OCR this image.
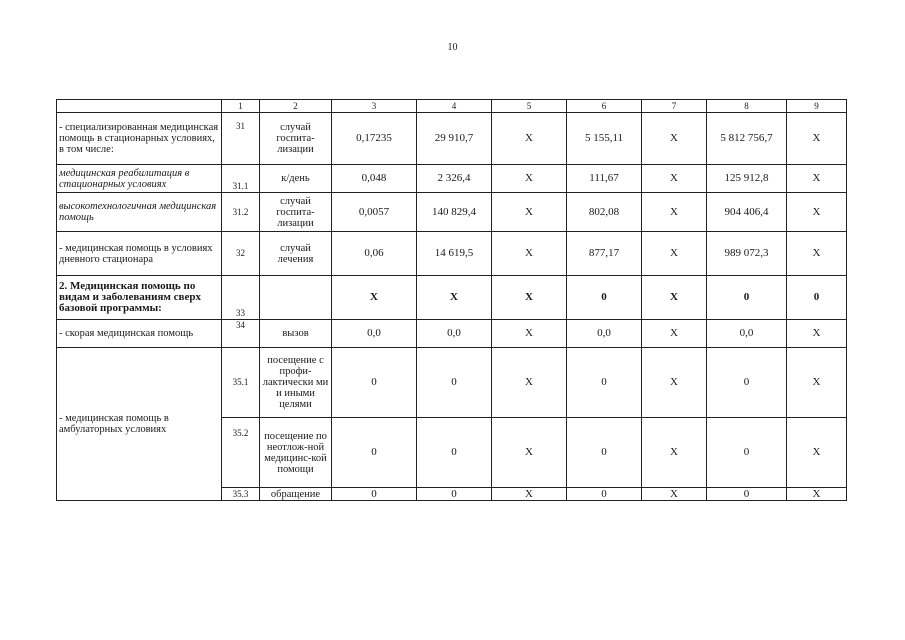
10
	1	2	3	4	5	6	7	8	9
- специализированная медицинская помощь в стационарных условиях, в том числе:	31	случай госпита-лизации	0,17235	29 910,7	X	5 155,11	X	5 812 756,7	X
медицинская реабилитация в стационарных условиях	31.1	к/день	0,048	2 326,4	X	111,67	X	125 912,8	X
высокотехнологичная медицинская помощь	31.2	случай госпита-лизации	0,0057	140 829,4	X	802,08	X	904 406,4	X
- медицинская помощь в условиях дневного стационара	32	случай лечения	0,06	14 619,5	X	877,17	X	989 072,3	X
2. Медицинская помощь по видам и заболеваниям сверх базовой программы:	33		X	X	X	0	X	0	0
- скорая медицинская помощь	34	вызов	0,0	0,0	X	0,0	X	0,0	X
- медицинская помощь в амбулаторных условиях	35.1	посещение с профи-лактически ми и иными целями	0	0	X	0	X	0	X
	35.2	посещение по неотлож-ной медицинс-кой помощи	0	0	X	0	X	0	X
	35.3	обращение	0	0	X	0	X	0	X
